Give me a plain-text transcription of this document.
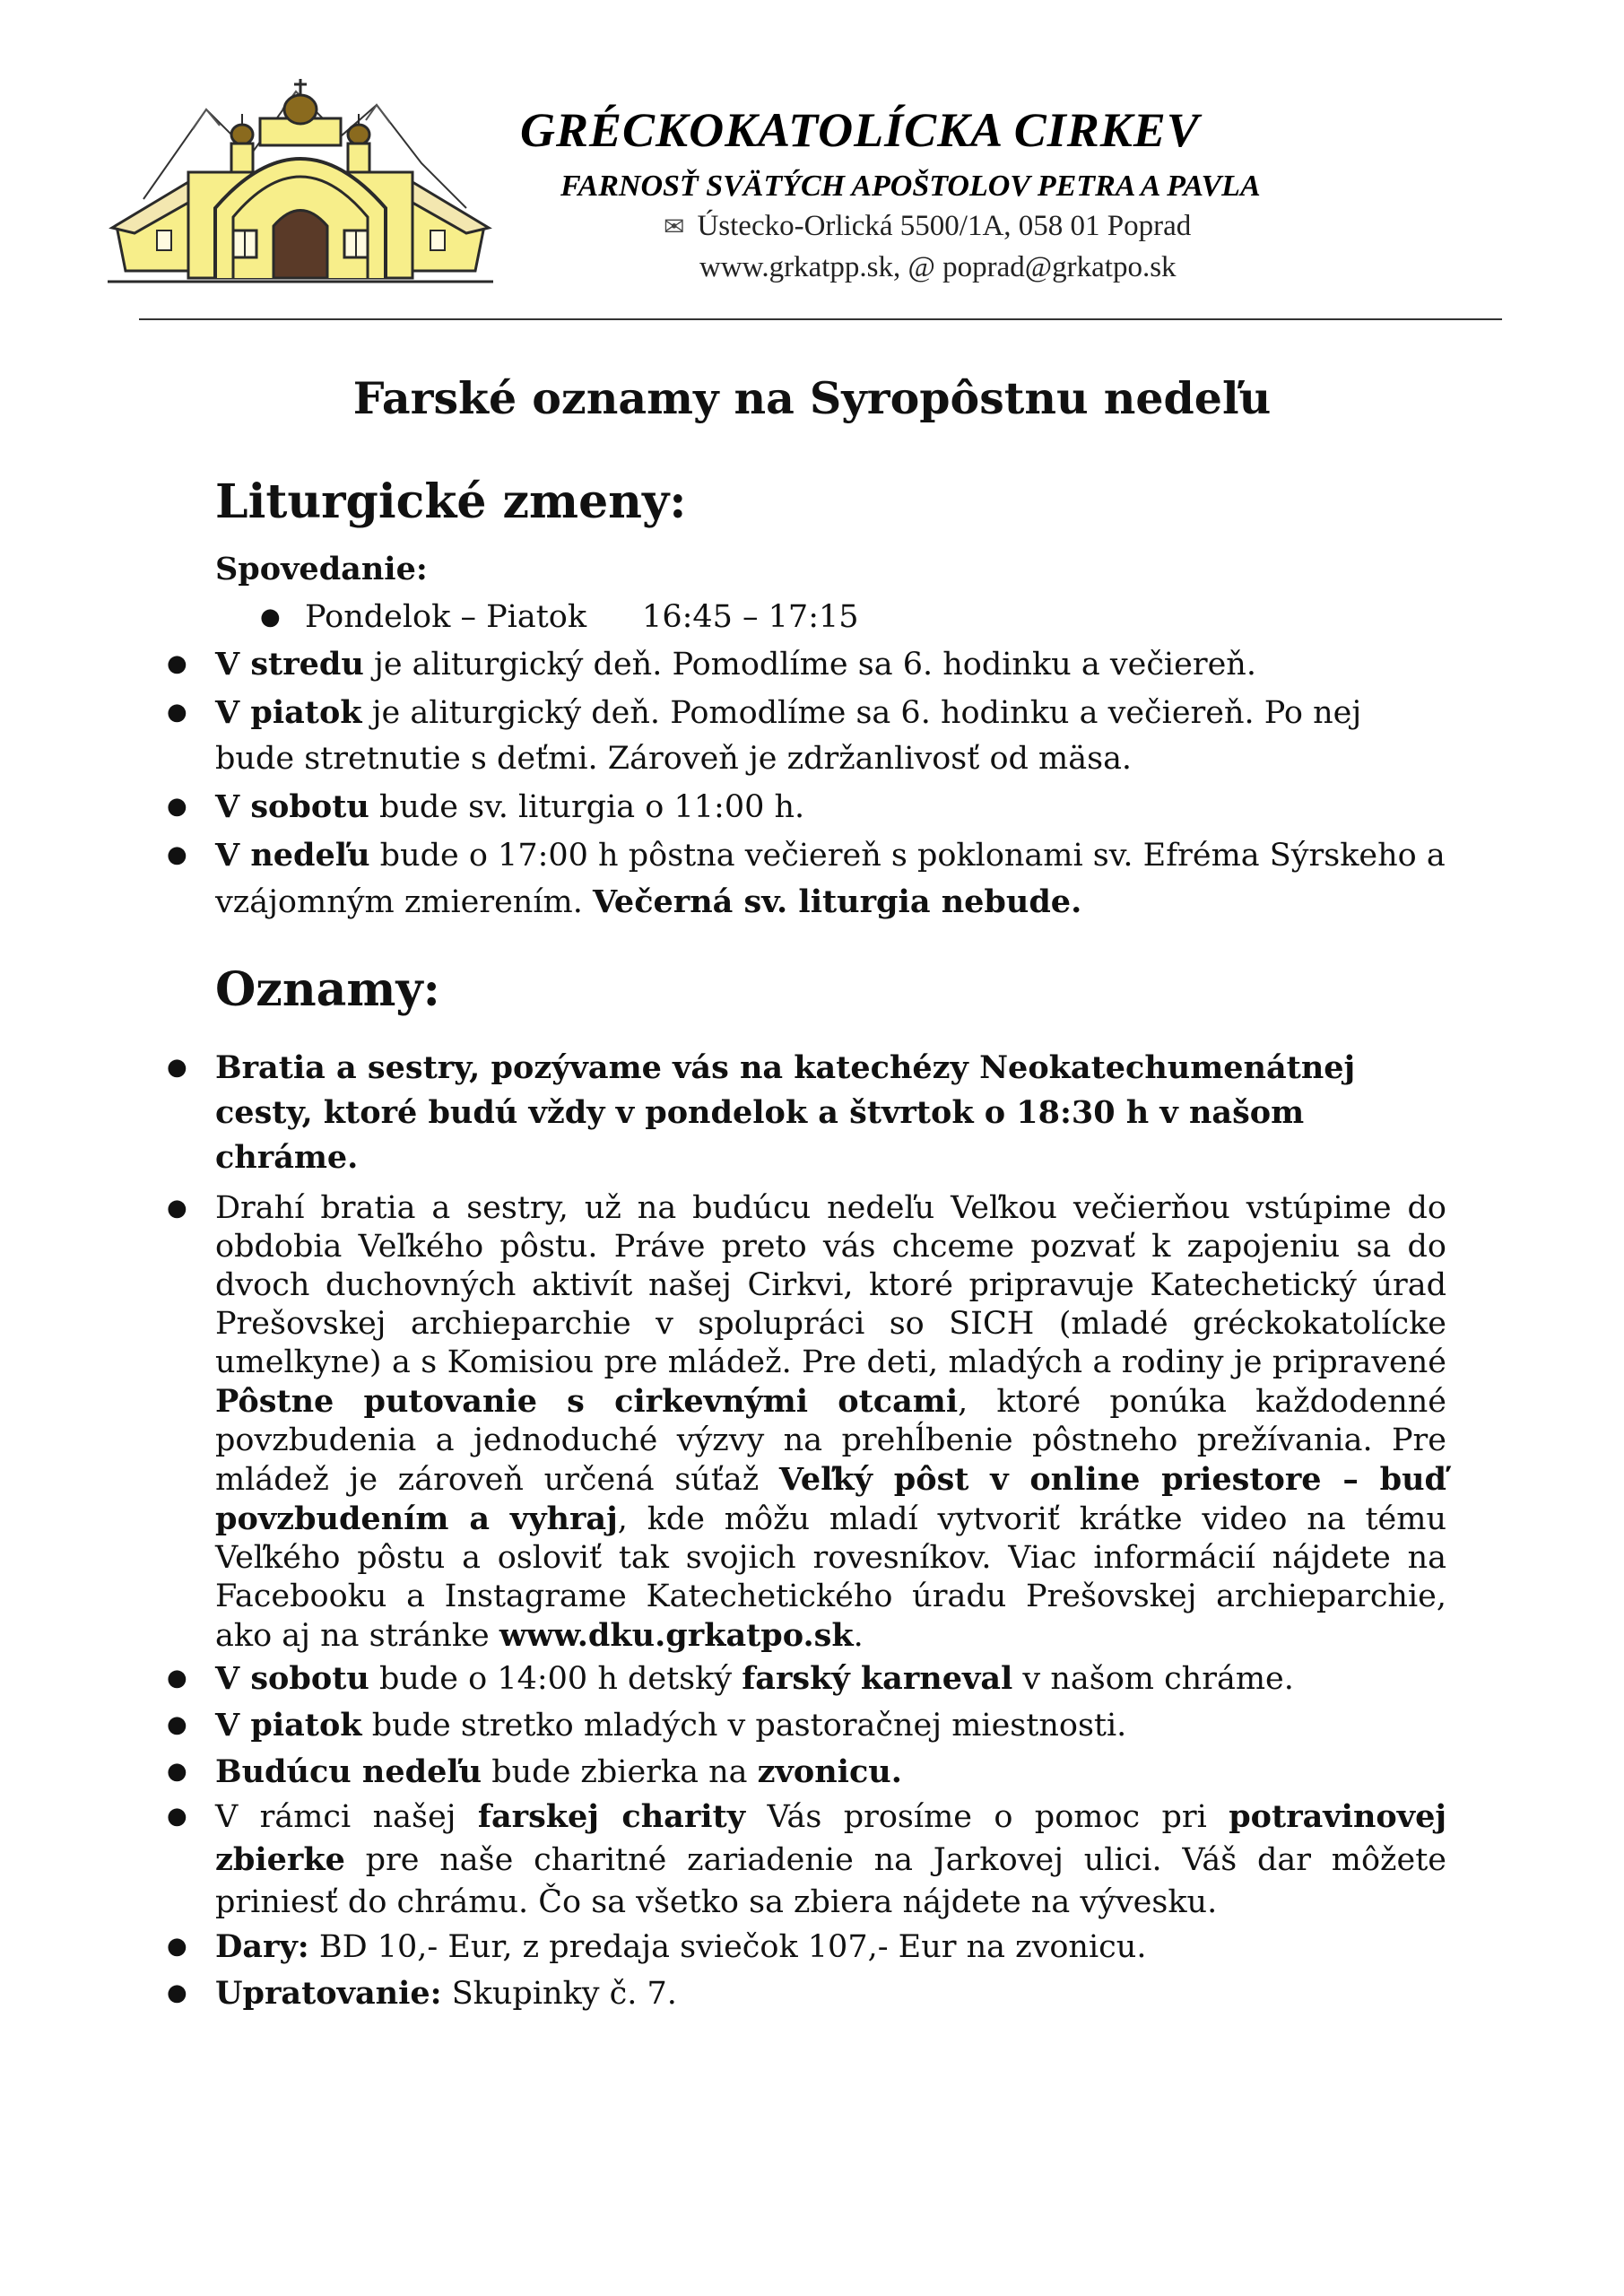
GRÉCKOKATOLÍCKA CIRKEV

FARNOSŤ SVÄTÝCH APOŠTOLOV PETRA A PAVLA

✉ Ústecko-Orlická 5500/1A, 058 01 Poprad

www.grkatpp.sk, @ poprad@grkatpo.sk

Farské oznamy na Syropôstnu nedeľu
Liturgické zmeny:

Spovedanie:

● Pondelok – Piatok 16:45 – 17:15

● V stredu je aliturgický deň. Pomodlíme sa 6. hodinku a večiereň.
● V piatok je aliturgický deň. Pomodlíme sa 6. hodinku a večiereň. Po nej bude stretnutie s deťmi. Zároveň je zdržanlivosť od mäsa.
● V sobotu bude sv. liturgia o 11:00 h.
● V nedeľu bude o 17:00 h pôstna večiereň s poklonami sv. Efréma Sýrskeho a vzájomným zmierením. Večerná sv. liturgia nebude.
Oznamy:
● Bratia a sestry, pozývame vás na katechézy Neokatechumenátnej cesty, ktoré budú vždy v pondelok a štvrtok o 18:30 h v našom chráme.
● Drahí bratia a sestry, už na budúcu nedeľu Veľkou večierňou vstúpime do obdobia Veľkého pôstu. Práve preto vás chceme pozvať k zapojeniu sa do dvoch duchovných aktivít našej Cirkvi, ktoré pripravuje Katechetický úrad Prešovskej archieparchie v spolupráci so SICH (mladé gréckokatolícke umelkyne) a s Komisiou pre mládež. Pre deti, mladých a rodiny je pripravené Pôstne putovanie s cirkevnými otcami, ktoré ponúka každodenné povzbudenia a jednoduché výzvy na prehĺbenie pôstneho prežívania. Pre mládež je zároveň určená súťaž Veľký pôst v online priestore – buď povzbudením a vyhraj, kde môžu mladí vytvoriť krátke video na tému Veľkého pôstu a osloviť tak svojich rovesníkov. Viac informácií nájdete na Facebooku a Instagrame Katechetického úradu Prešovskej archieparchie, ako aj na stránke www.dku.grkatpo.sk.
● V sobotu bude o 14:00 h detský farský karneval v našom chráme.
● V piatok bude stretko mladých v pastoračnej miestnosti.
● Budúcu nedeľu bude zbierka na zvonicu.
● V rámci našej farskej charity Vás prosíme o pomoc pri potravinovej zbierke pre naše charitné zariadenie na Jarkovej ulici. Váš dar môžete priniesť do chrámu. Čo sa všetko sa zbiera nájdete na vývesku.
● Dary: BD 10,- Eur, z predaja sviečok 107,- Eur na zvonicu.
● Upratovanie: Skupinky č. 7.
